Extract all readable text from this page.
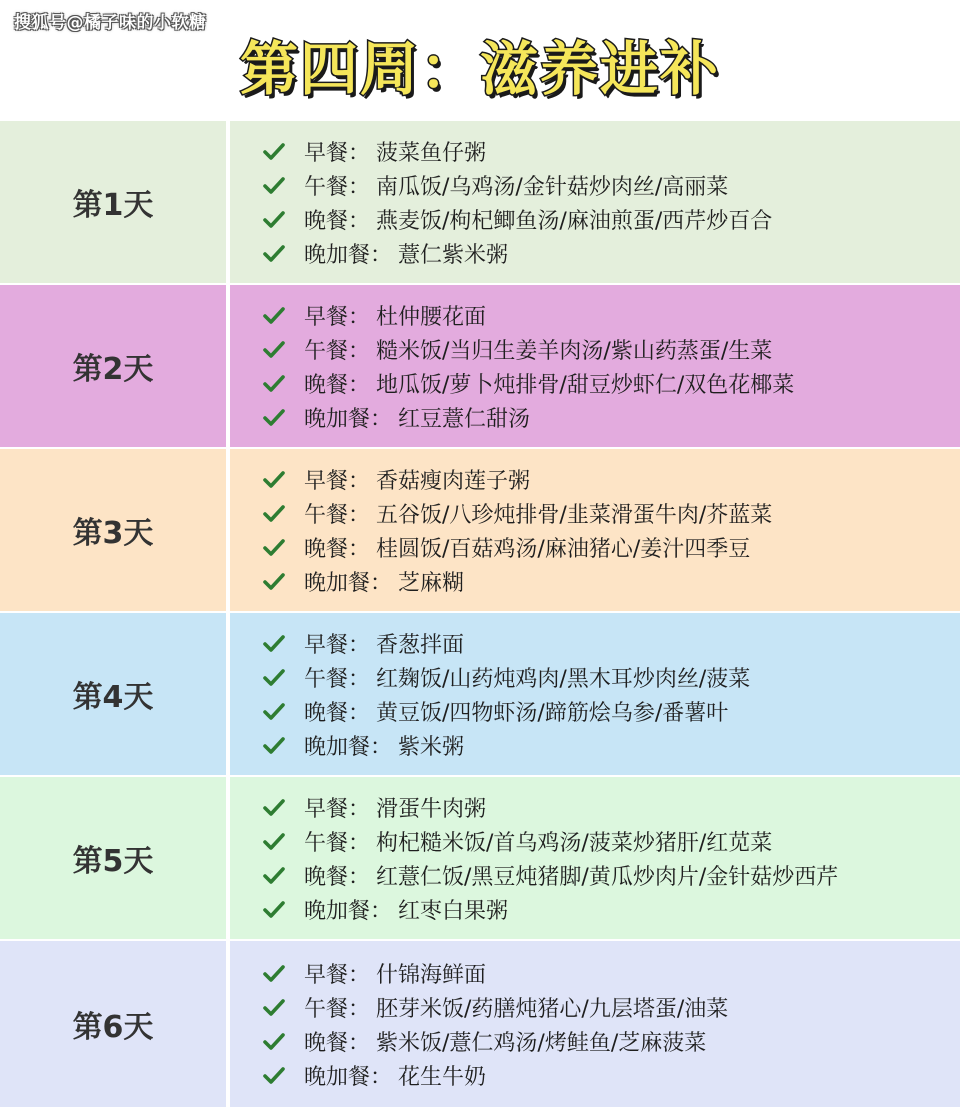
搜狐号@橘子味的小软糖
第四周：滋养进补
第1天
早餐： 菠菜鱼仔粥
午餐： 南瓜饭/乌鸡汤/金针菇炒肉丝/高丽菜
晚餐： 燕麦饭/枸杞鲫鱼汤/麻油煎蛋/西芹炒百合
晚加餐： 薏仁紫米粥
第2天
早餐： 杜仲腰花面
午餐： 糙米饭/当归生姜羊肉汤/紫山药蒸蛋/生菜
晚餐： 地瓜饭/萝卜炖排骨/甜豆炒虾仁/双色花椰菜
晚加餐： 红豆薏仁甜汤
第3天
早餐： 香菇瘦肉莲子粥
午餐： 五谷饭/八珍炖排骨/韭菜滑蛋牛肉/芥蓝菜
晚餐： 桂圆饭/百菇鸡汤/麻油猪心/姜汁四季豆
晚加餐： 芝麻糊
第4天
早餐： 香葱拌面
午餐： 红麹饭/山药炖鸡肉/黑木耳炒肉丝/菠菜
晚餐： 黄豆饭/四物虾汤/蹄筋烩乌参/番薯叶
晚加餐： 紫米粥
第5天
早餐： 滑蛋牛肉粥
午餐： 枸杞糙米饭/首乌鸡汤/菠菜炒猪肝/红苋菜
晚餐： 红薏仁饭/黑豆炖猪脚/黄瓜炒肉片/金针菇炒西芹
晚加餐： 红枣白果粥
第6天
早餐： 什锦海鲜面
午餐： 胚芽米饭/药膳炖猪心/九层塔蛋/油菜
晚餐： 紫米饭/薏仁鸡汤/烤鲑鱼/芝麻菠菜
晚加餐： 花生牛奶
